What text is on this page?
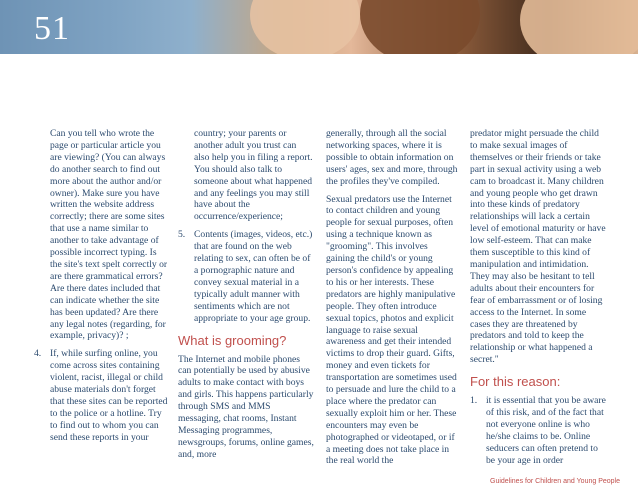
51

Can you tell who wrote the page or particular article you are viewing? (You can always do another search to find out more about the author and/or owner). Make sure you have written the website address correctly; there are some sites that use a name similar to another to take advantage of possible incorrect typing. Is the site's text spelt correctly or are there grammatical errors? Are there dates included that can indicate whether the site has been updated? Are there any legal notes (regarding, for example, privacy)? ;

4. If, while surfing online, you come across sites containing violent, racist, illegal or child abuse materials don't forget that these sites can be reported to the police or a hotline. Try to find out to whom you can send these reports in your

country; your parents or another adult you trust can also help you in filing a report. You should also talk to someone about what happened and any feelings you may still have about the occurrence/experience;

5. Contents (images, videos, etc.) that are found on the web relating to sex, can often be of a pornographic nature and convey sexual material in a typically adult manner with sentiments which are not appropriate to your age group.
What is grooming?

The Internet and mobile phones can potentially be used by abusive adults to make contact with boys and girls. This happens particularly through SMS and MMS messaging, chat rooms, Instant Messaging programmes, newsgroups, forums, online games, and, more

generally, through all the social networking spaces, where it is possible to obtain information on users' ages, sex and more, through the profiles they've compiled.

Sexual predators use the Internet to contact children and young people for sexual purposes, often using a technique known as "grooming". This involves gaining the child's or young person's confidence by appealing to his or her interests. These predators are highly manipulative people. They often introduce sexual topics, photos and explicit language to raise sexual awareness and get their intended victims to drop their guard. Gifts, money and even tickets for transportation are sometimes used to persuade and lure the child to a place where the predator can sexually exploit him or her. These encounters may even be photographed or videotaped, or if a meeting does not take place in the real world the

predator might persuade the child to make sexual images of themselves or their friends or take part in sexual activity using a web cam to broadcast it. Many children and young people who get drawn into these kinds of predatory relationships will lack a certain level of emotional maturity or have low self-esteem. That can make them susceptible to this kind of manipulation and intimidation. They may also be hesitant to tell adults about their encounters for fear of embarrassment or of losing access to the Internet. In some cases they are threatened by predators and told to keep the relationship or what happened a secret."

For this reason:
1. it is essential that you be aware of this risk, and of the fact that not everyone online is who he/she claims to be. Online seducers can often pretend to be your age in order
Guidelines for Children and Young People
